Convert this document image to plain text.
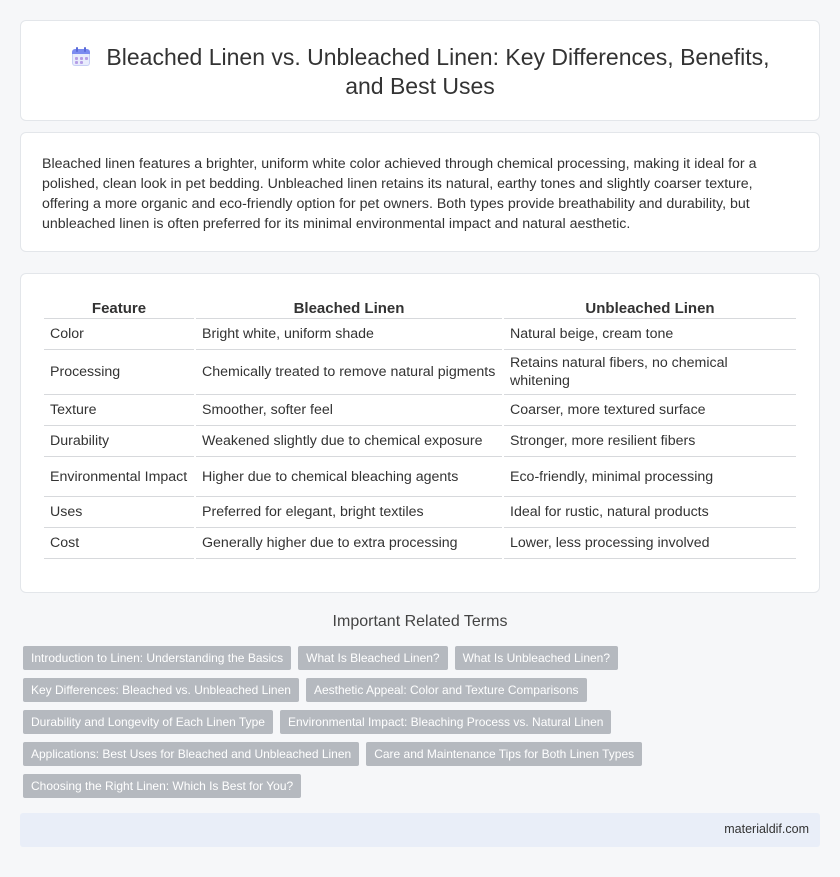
Bleached Linen vs. Unbleached Linen: Key Differences, Benefits, and Best Uses

Bleached linen features a brighter, uniform white color achieved through chemical processing, making it ideal for a polished, clean look in pet bedding. Unbleached linen retains its natural, earthy tones and slightly coarser texture, offering a more organic and eco-friendly option for pet owners. Both types provide breathability and durability, but unbleached linen is often preferred for its minimal environmental impact and natural aesthetic.

Feature	Bleached Linen	Unbleached Linen
Color	Bright white, uniform shade	Natural beige, cream tone
Processing	Chemically treated to remove natural pigments	Retains natural fibers, no chemical whitening
Texture	Smoother, softer feel	Coarser, more textured surface
Durability	Weakened slightly due to chemical exposure	Stronger, more resilient fibers
Environmental Impact	Higher due to chemical bleaching agents	Eco-friendly, minimal processing
Uses	Preferred for elegant, bright textiles	Ideal for rustic, natural products
Cost	Generally higher due to extra processing	Lower, less processing involved
Important Related Terms
Introduction to Linen: Understanding the Basics What Is Bleached Linen? What Is Unbleached Linen?
Key Differences: Bleached vs. Unbleached Linen Aesthetic Appeal: Color and Texture Comparisons
Durability and Longevity of Each Linen Type Environmental Impact: Bleaching Process vs. Natural Linen
Applications: Best Uses for Bleached and Unbleached Linen Care and Maintenance Tips for Both Linen Types
Choosing the Right Linen: Which Is Best for You?
materialdif.com
